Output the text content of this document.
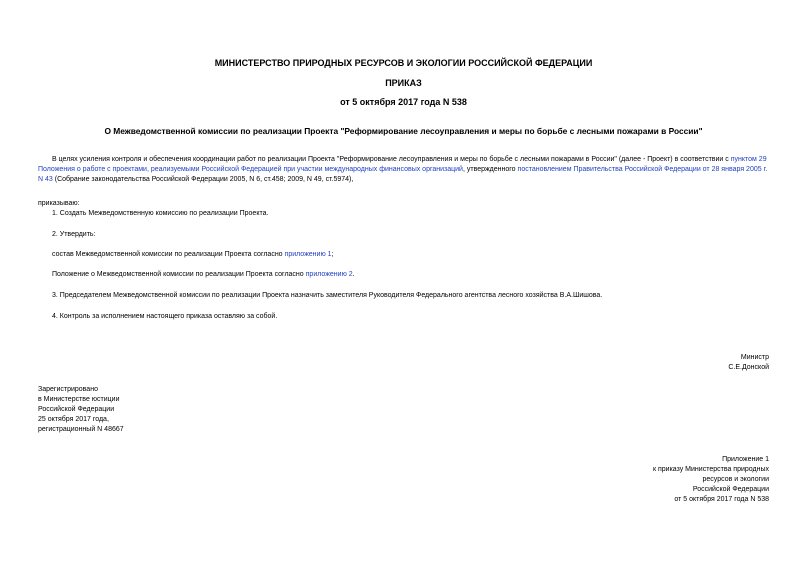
МИНИСТЕРСТВО ПРИРОДНЫХ РЕСУРСОВ И ЭКОЛОГИИ РОССИЙСКОЙ ФЕДЕРАЦИИ
ПРИКАЗ
от 5 октября 2017 года N 538
О Межведомственной комиссии по реализации Проекта "Реформирование лесоуправления и меры по борьбе с лесными пожарами в России"
В целях усиления контроля и обеспечения координации работ по реализации Проекта "Реформирование лесоуправления и меры по борьбе с лесными пожарами в России" (далее - Проект) в соответствии с пунктом 29 Положения о работе с проектами, реализуемыми Российской Федерацией при участии международных финансовых организаций, утвержденного постановлением Правительства Российской Федерации от 28 января 2005 г. N 43 (Собрание законодательства Российской Федерации 2005, N 6, ст.458; 2009, N 49, ст.5974),
приказываю:
1. Создать Межведомственную комиссию по реализации Проекта.
2. Утвердить:
состав Межведомственной комиссии по реализации Проекта согласно приложению 1;
Положение о Межведомственной комиссии по реализации Проекта согласно приложению 2.
3. Председателем Межведомственной комиссии по реализации Проекта назначить заместителя Руководителя Федерального агентства лесного хозяйства В.А.Шишова.
4. Контроль за исполнением настоящего приказа оставляю за собой.
Министр
С.Е.Донской
Зарегистрировано
в Министерстве юстиции
Российской Федерации
25 октября 2017 года,
регистрационный N 48667
Приложение 1
к приказу Министерства природных
ресурсов и экологии
Российской Федерации
от 5 октября 2017 года N 538
